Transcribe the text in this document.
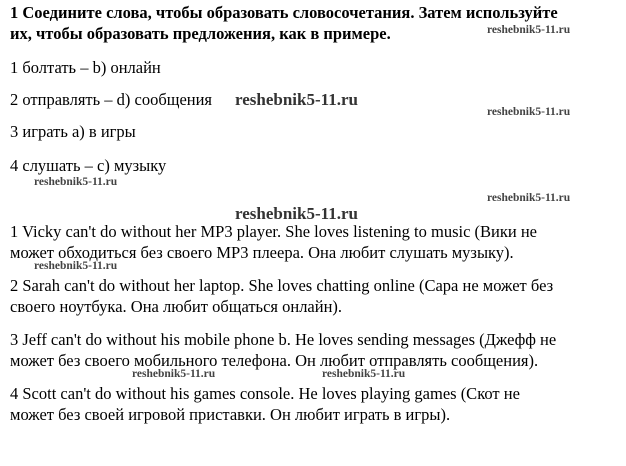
1 Соедините слова, чтобы образовать словосочетания. Затем используйте
их, чтобы образовать предложения, как в примере.
1 болтать – b) онлайн
2 отправлять – d) сообщения
3 играть a) в игры
4 слушать – c) музыку
1 Vicky can't do without her MP3 player. She loves listening to music (Вики не
может обходиться без своего MP3 плеера. Она любит слушать музыку).
2 Sarah can't do without her laptop. She loves chatting online (Сара не может без
своего ноутбука. Она любит общаться онлайн).
3 Jeff can't do without his mobile phone b. He loves sending messages (Джефф не
может без своего мобильного телефона. Он любит отправлять сообщения).
4 Scott can't do without his games console. He loves playing games (Скот не
может без своей игровой приставки. Он любит играть в игры).
reshebnik5-11.ru
reshebnik5-11.ru
reshebnik5-11.ru
reshebnik5-11.ru
reshebnik5-11.ru
reshebnik5-11.ru
reshebnik5-11.ru
reshebnik5-11.ru	reshebnik5-11.ru
